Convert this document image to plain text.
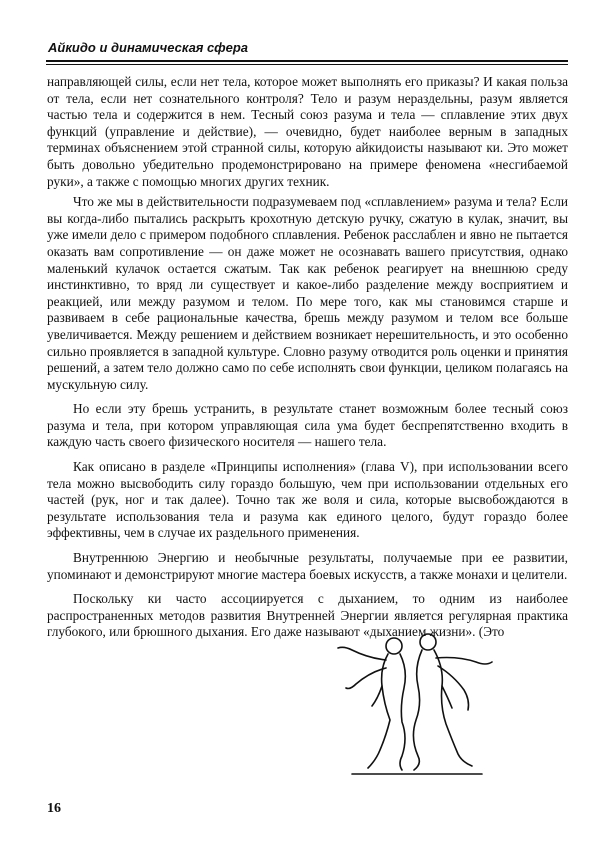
Айкидо и динамическая сфера

направляющей силы, если нет тела, которое может выполнять его приказы? И какая польза от тела, если нет сознательного контроля? Тело и разум нераздельны, разум является частью тела и содержится в нем. Тесный союз разума и тела — сплавление этих двух функций (управление и действие), — очевидно, будет наиболее верным в западных терминах объяснением этой странной силы, которую айкидоисты называют ки. Это может быть довольно убедительно продемонстрировано на примере феномена «несгибаемой руки», а также с помощью многих других техник.

Что же мы в действительности подразумеваем под «сплавлением» разума и тела? Если вы когда-либо пытались раскрыть крохотную детскую ручку, сжатую в кулак, значит, вы уже имели дело с примером подобного сплавления. Ребенок расслаблен и явно не пытается оказать вам сопротивление — он даже может не осознавать вашего присутствия, однако маленький кулачок остается сжатым. Так как ребенок реагирует на внешнюю среду инстинктивно, то вряд ли существует и какое-либо разделение между восприятием и реакцией, или между разумом и телом. По мере того, как мы становимся старше и развиваем в себе рациональные качества, брешь между разумом и телом все больше увеличивается. Между решением и действием возникает нерешительность, и это особенно сильно проявляется в западной культуре. Словно разуму отводится роль оценки и принятия решений, а затем тело должно само по себе исполнять свои функции, целиком полагаясь на мускульную силу.

Но если эту брешь устранить, в результате станет возможным более тесный союз разума и тела, при котором управляющая сила ума будет беспрепятственно входить в каждую часть своего физического носителя — нашего тела.

Как описано в разделе «Принципы исполнения» (глава V), при использовании всего тела можно высвободить силу гораздо большую, чем при использовании отдельных его частей (рук, ног и так далее). Точно так же воля и сила, которые высвобождаются в результате использования тела и разума как единого целого, будут гораздо более эффективны, чем в случае их раздельного применения.

Внутреннюю Энергию и необычные результаты, получаемые при ее развитии, упоминают и демонстрируют многие мастера боевых искусств, а также монахи и целители.

Поскольку ки часто ассоциируется с дыханием, то одним из наиболее распространенных методов развития Внутренней Энергии является регулярная практика глубокого, или брюшного дыхания. Его даже называют «дыханием жизни». (Это

16
